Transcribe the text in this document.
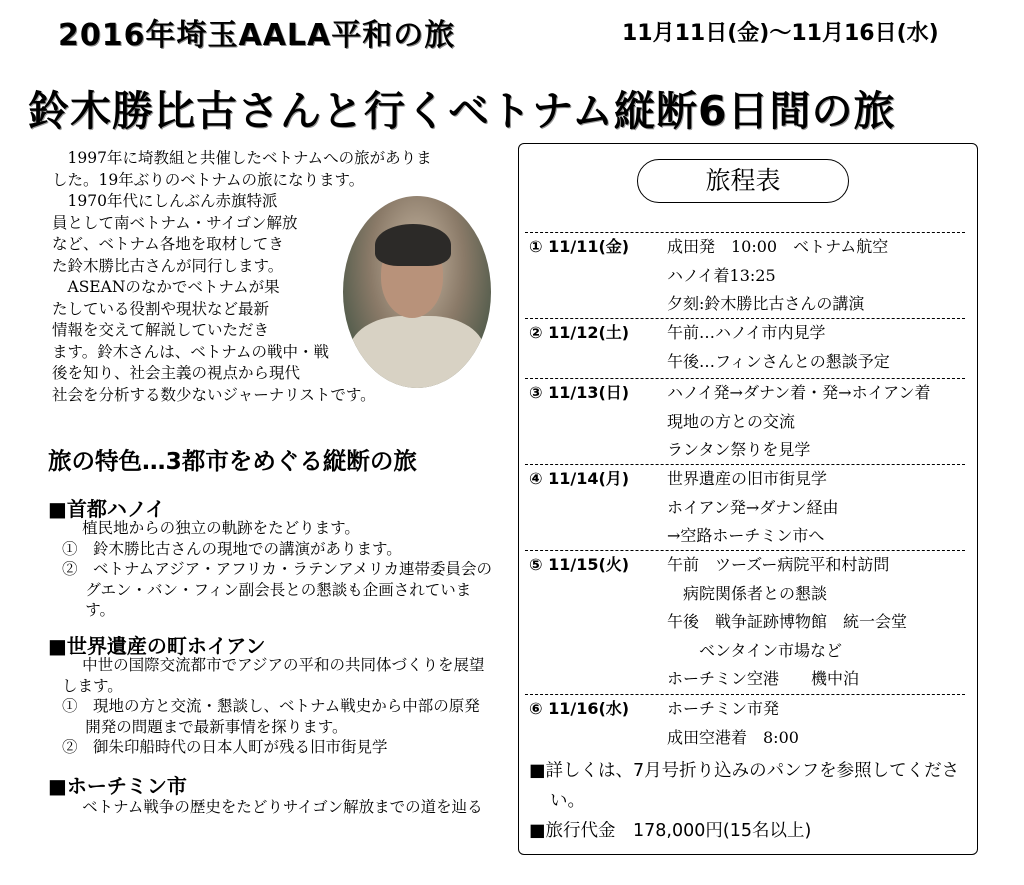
2016年埼玉AALA平和の旅	11月11日(金)～11月16日(水)
鈴木勝比古さんと行くベトナム縦断6日間の旅
1997年に埼教組と共催したベトナムへの旅がありま
した。19年ぶりのベトナムの旅になります。
1970年代にしんぶん赤旗特派
員として南ベトナム・サイゴン解放
など、ベトナム各地を取材してき
た鈴木勝比古さんが同行します。
ASEANのなかでベトナムが果
たしている役割や現状など最新
情報を交えて解説していただき
ます。鈴木さんは、ベトナムの戦中・戦
後を知り、社会主義の視点から現代
社会を分析する数少ないジャーナリストです。
旅の特色…3都市をめぐる縦断の旅
■首都ハノイ

植民地からの独立の軌跡をたどります。

①　鈴木勝比古さんの現地での講演があります。

②　ベトナムアジア・アフリカ・ラテンアメリカ連帯委員会のグエン・バン・フィン副会長との懇談も企画されています。

■世界遺産の町ホイアン

中世の国際交流都市でアジアの平和の共同体づくりを展望します。

①　現地の方と交流・懇談し、ベトナム戦史から中部の原発開発の問題まで最新事情を探ります。

②　御朱印船時代の日本人町が残る旧市街見学

■ホーチミン市

ベトナム戦争の歴史をたどりサイゴン解放までの道を辿る

旅程表
① 11/11(金) 成田発　10:00　ベトナム航空
ハノイ着13:25
夕刻:鈴木勝比古さんの講演
② 11/12(土) 午前…ハノイ市内見学
午後…フィンさんとの懇談予定
③ 11/13(日) ハノイ発→ダナン着・発→ホイアン着
現地の方との交流
ランタン祭りを見学
④ 11/14(月) 世界遺産の旧市街見学
ホイアン発→ダナン経由
→空路ホーチミン市へ
⑤ 11/15(火) 午前　ツーズー病院平和村訪問
　病院関係者との懇談
午後　戦争証跡博物館　統一会堂
　　ベンタイン市場など
ホーチミン空港　　機中泊
⑥ 11/16(水) ホーチミン市発
成田空港着　8:00

■詳しくは、7月号折り込みのパンフを参照してください。

■旅行代金　178,000円(15名以上)
